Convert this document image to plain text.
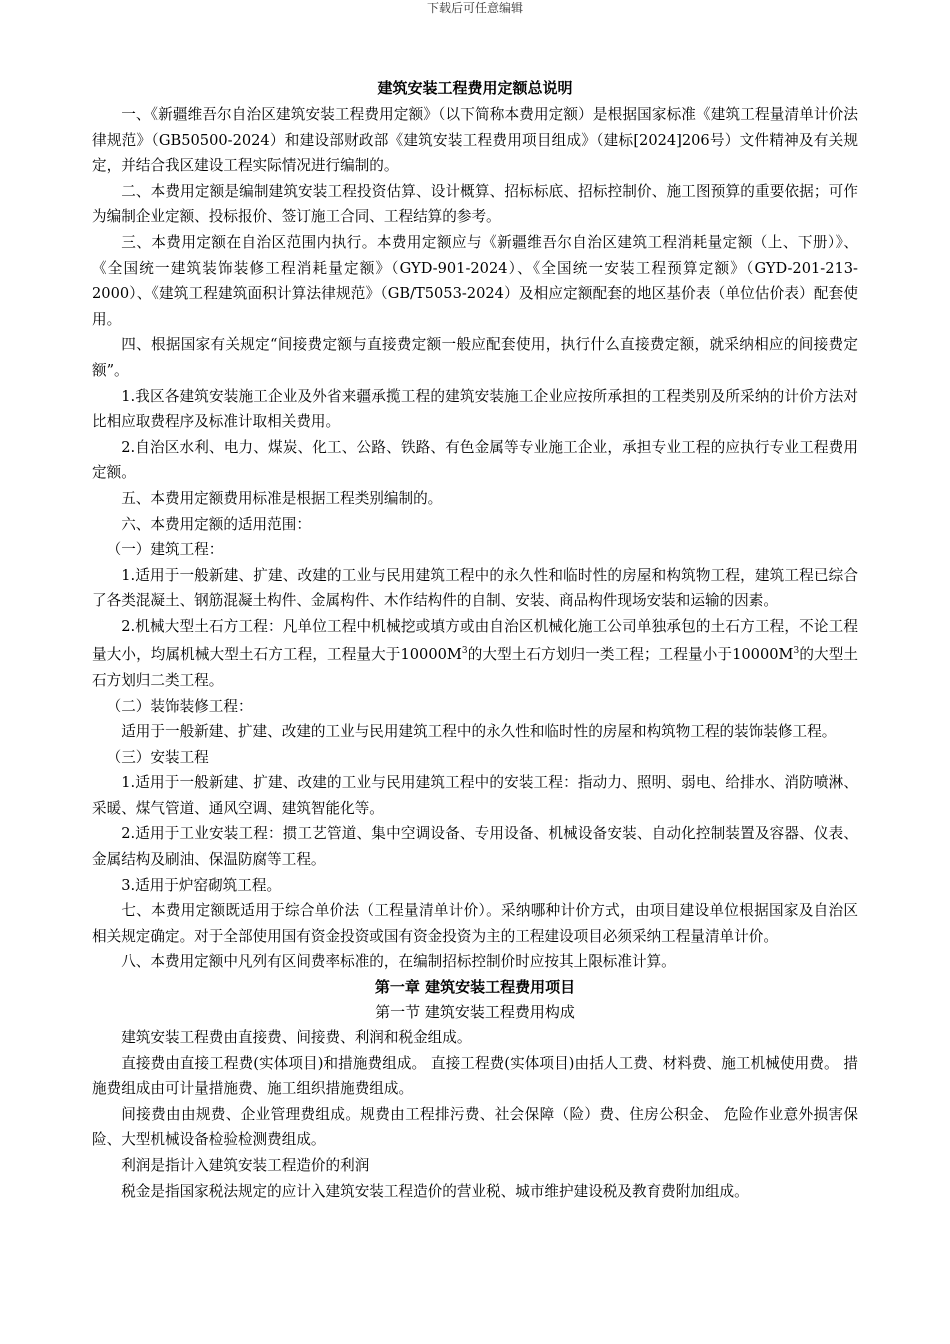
下载后可任意编辑
建筑安装工程费用定额总说明

一、《新疆维吾尔自治区建筑安装工程费用定额》（以下简称本费用定额）是根据国家标准《建筑工程量清单计价法律规范》（GB50500-2024）和建设部财政部《建筑安装工程费用项目组成》（建标[2024]206号）文件精神及有关规定，并结合我区建设工程实际情况进行编制的。

二、本费用定额是编制建筑安装工程投资估算、设计概算、招标标底、招标控制价、施工图预算的重要依据；可作为编制企业定额、投标报价、签订施工合同、工程结算的参考。

三、本费用定额在自治区范围内执行。本费用定额应与《新疆维吾尔自治区建筑工程消耗量定额（上、下册）》、《全国统一建筑装饰装修工程消耗量定额》（GYD-901-2024）、《全国统一安装工程预算定额》（GYD-201-213-2000）、《建筑工程建筑面积计算法律规范》（GB/T5053-2024）及相应定额配套的地区基价表（单位估价表）配套使用。

四、根据国家有关规定“间接费定额与直接费定额一般应配套使用，执行什么直接费定额，就采纳相应的间接费定额”。

1.我区各建筑安装施工企业及外省来疆承揽工程的建筑安装施工企业应按所承担的工程类别及所采纳的计价方法对比相应取费程序及标准计取相关费用。

2.自治区水利、电力、煤炭、化工、公路、铁路、有色金属等专业施工企业，承担专业工程的应执行专业工程费用定额。

五、本费用定额费用标准是根据工程类别编制的。

六、本费用定额的适用范围：

（一）建筑工程：

1.适用于一般新建、扩建、改建的工业与民用建筑工程中的永久性和临时性的房屋和构筑物工程，建筑工程已综合了各类混凝土、钢筋混凝土构件、金属构件、木作结构件的自制、安装、商品构件现场安装和运输的因素。

2.机械大型土石方工程：凡单位工程中机械挖或填方或由自治区机械化施工公司单独承包的土石方工程，不论工程量大小，均属机械大型土石方工程，工程量大于$10000M^3$的大型土石方划归一类工程；工程量小于$10000M^3$的大型土石方划归二类工程。

（二）装饰装修工程：

适用于一般新建、扩建、改建的工业与民用建筑工程中的永久性和临时性的房屋和构筑物工程的装饰装修工程。

（三）安装工程

1.适用于一般新建、扩建、改建的工业与民用建筑工程中的安装工程：指动力、照明、弱电、给排水、消防喷淋、采暖、煤气管道、通风空调、建筑智能化等。

2.适用于工业安装工程：掼工艺管道、集中空调设备、专用设备、机械设备安装、自动化控制装置及容器、仪表、金属结构及刷油、保温防腐等工程。

3.适用于炉窑砌筑工程。

七、本费用定额既适用于综合单价法（工程量清单计价）。采纳哪种计价方式，由项目建设单位根据国家及自治区相关规定确定。对于全部使用国有资金投资或国有资金投资为主的工程建设项目必须采纳工程量清单计价。

八、本费用定额中凡列有区间费率标准的，在编制招标控制价时应按其上限标准计算。

第一章 建筑安装工程费用项目

第一节 建筑安装工程费用构成

建筑安装工程费由直接费、间接费、利润和税金组成。

直接费由直接工程费(实体项目)和措施费组成。 直接工程费(实体项目)由括人工费、材料费、施工机械使用费。 措施费组成由可计量措施费、施工组织措施费组成。

间接费由由规费、企业管理费组成。规费由工程排污费、社会保障（险）费、住房公积金、 危险作业意外损害保险、大型机械设备检验检测费组成。

利润是指计入建筑安装工程造价的利润

税金是指国家税法规定的应计入建筑安装工程造价的营业税、城市维护建设税及教育费附加组成。
